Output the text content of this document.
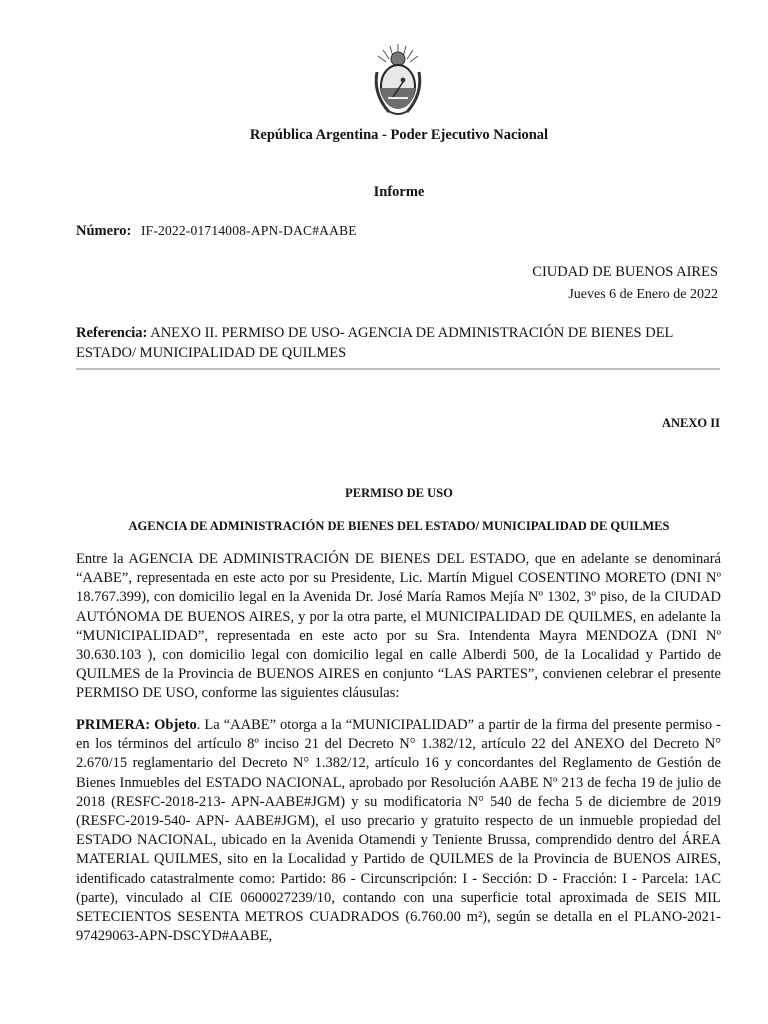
República Argentina - Poder Ejecutivo Nacional
Informe
Número: IF-2022-01714008-APN-DAC#AABE
CIUDAD DE BUENOS AIRES
Jueves 6 de Enero de 2022
Referencia: ANEXO II. PERMISO DE USO- AGENCIA DE ADMINISTRACIÓN DE BIENES DEL ESTADO/ MUNICIPALIDAD DE QUILMES
ANEXO II
PERMISO DE USO
AGENCIA DE ADMINISTRACIÓN DE BIENES DEL ESTADO/ MUNICIPALIDAD DE QUILMES

Entre la AGENCIA DE ADMINISTRACIÓN DE BIENES DEL ESTADO, que en adelante se denominará “AABE”, representada en este acto por su Presidente, Lic. Martín Miguel COSENTINO MORETO (DNI Nº 18.767.399), con domicilio legal en la Avenida Dr. José María Ramos Mejía Nº 1302, 3º piso, de la CIUDAD AUTÓNOMA DE BUENOS AIRES, y por la otra parte, el MUNICIPALIDAD DE QUILMES, en adelante la “MUNICIPALIDAD”, representada en este acto por su Sra. Intendenta Mayra MENDOZA (DNI Nº 30.630.103 ), con domicilio legal con domicilio legal en calle Alberdi 500, de la Localidad y Partido de QUILMES de la Provincia de BUENOS AIRES en conjunto “LAS PARTES”, convienen celebrar el presente PERMISO DE USO, conforme las siguientes cláusulas:

PRIMERA: Objeto. La “AABE” otorga a la “MUNICIPALIDAD” a partir de la firma del presente permiso - en los términos del artículo 8º inciso 21 del Decreto N° 1.382/12, artículo 22 del ANEXO del Decreto N° 2.670/15 reglamentario del Decreto N° 1.382/12, artículo 16 y concordantes del Reglamento de Gestión de Bienes Inmuebles del ESTADO NACIONAL, aprobado por Resolución AABE Nº 213 de fecha 19 de julio de 2018 (RESFC-2018-213- APN-AABE#JGM) y su modificatoria N° 540 de fecha 5 de diciembre de 2019 (RESFC-2019-540- APN- AABE#JGM), el uso precario y gratuito respecto de un inmueble propiedad del ESTADO NACIONAL, ubicado en la Avenida Otamendi y Teniente Brussa, comprendido dentro del ÁREA MATERIAL QUILMES, sito en la Localidad y Partido de QUILMES de la Provincia de BUENOS AIRES, identificado catastralmente como: Partido: 86 - Circunscripción: I - Sección: D - Fracción: I - Parcela: 1AC (parte), vinculado al CIE 0600027239/10, contando con una superficie total aproximada de SEIS MIL SETECIENTOS SESENTA METROS CUADRADOS (6.760.00 m²), según se detalla en el PLANO-2021-97429063-APN-DSCYD#AABE,
